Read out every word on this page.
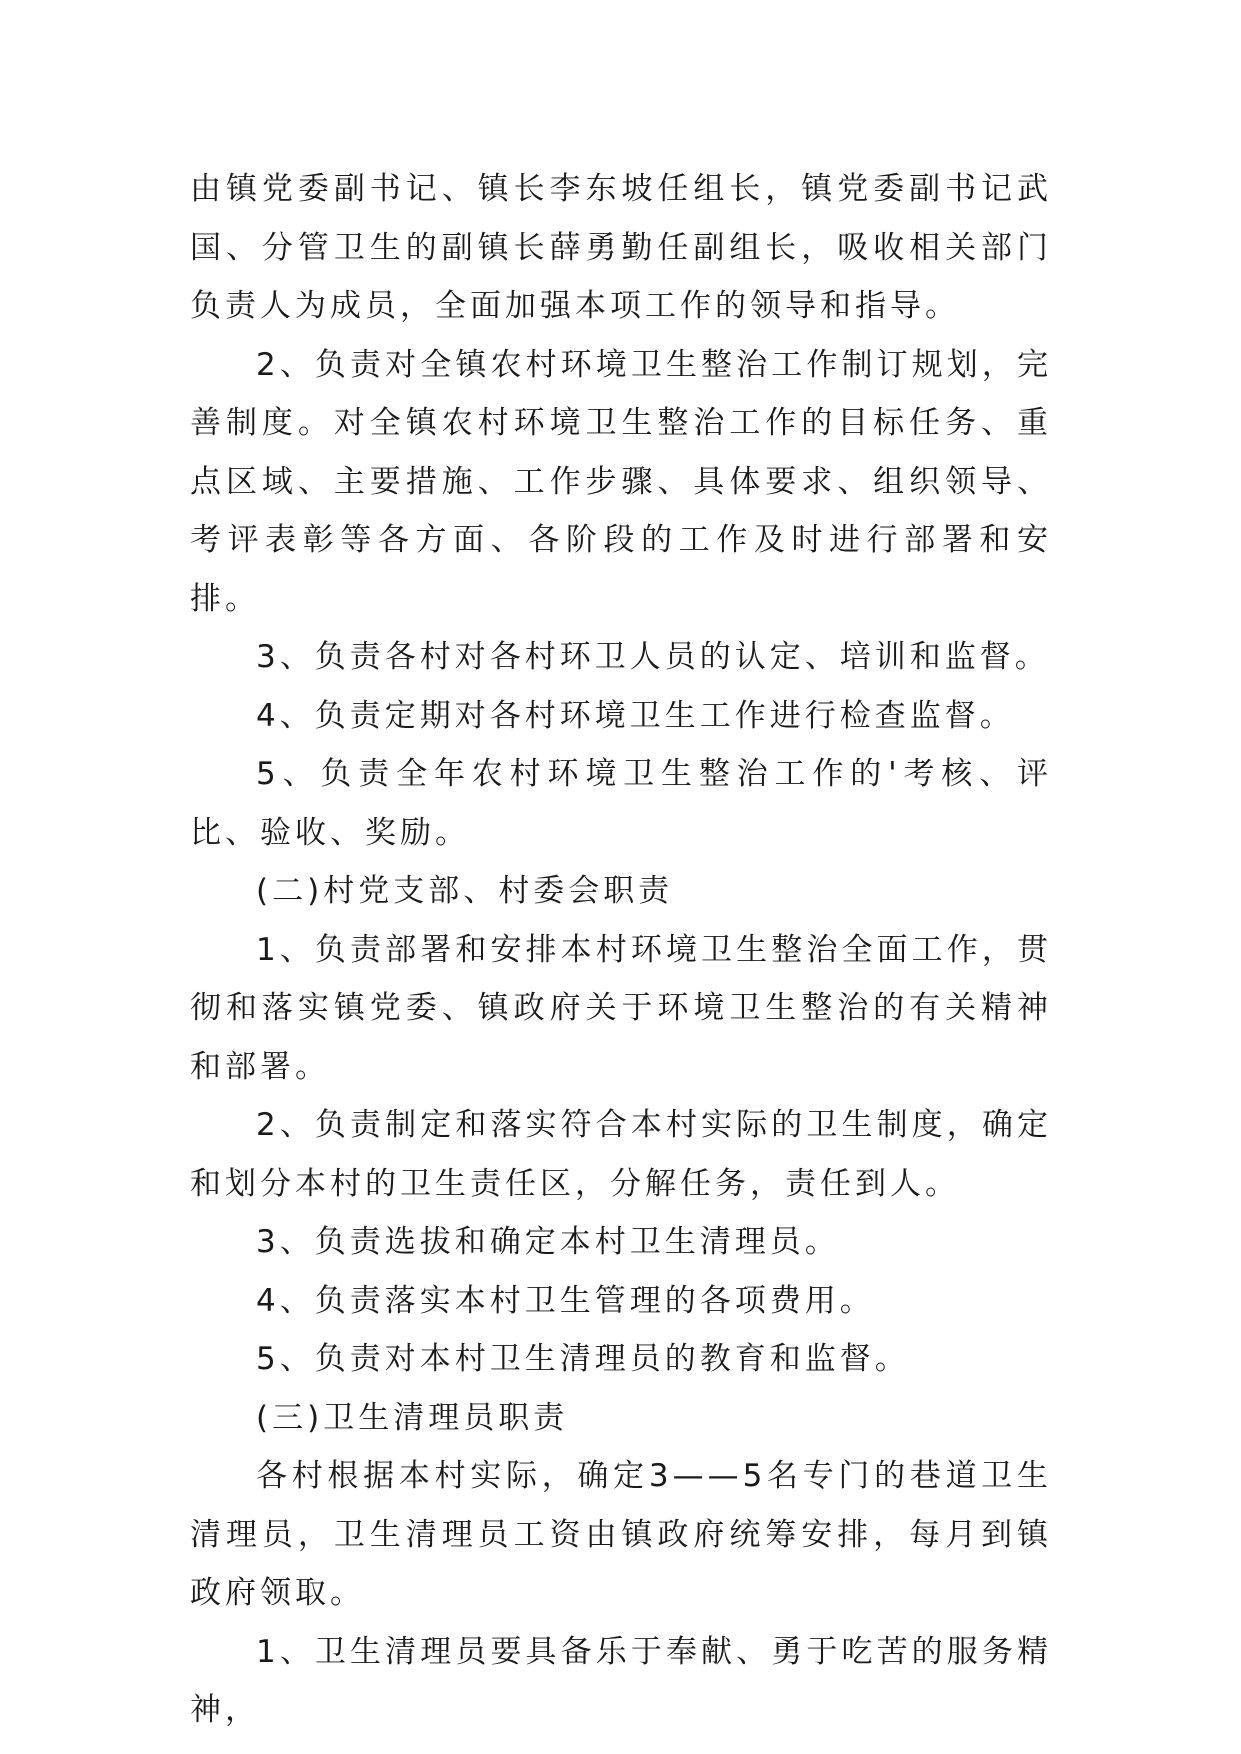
由镇党委副书记、镇长李东坡任组长，镇党委副书记武国、分管卫生的副镇长薛勇勤任副组长，吸收相关部门负责人为成员，全面加强本项工作的领导和指导。

2、负责对全镇农村环境卫生整治工作制订规划，完善制度。对全镇农村环境卫生整治工作的目标任务、重点区域、主要措施、工作步骤、具体要求、组织领导、考评表彰等各方面、各阶段的工作及时进行部署和安排。

3、负责各村对各村环卫人员的认定、培训和监督。

4、负责定期对各村环境卫生工作进行检查监督。

5、负责全年农村环境卫生整治工作的'考核、评比、验收、奖励。

(二)村党支部、村委会职责

1、负责部署和安排本村环境卫生整治全面工作，贯彻和落实镇党委、镇政府关于环境卫生整治的有关精神和部署。

2、负责制定和落实符合本村实际的卫生制度，确定和划分本村的卫生责任区，分解任务，责任到人。

3、负责选拔和确定本村卫生清理员。

4、负责落实本村卫生管理的各项费用。

5、负责对本村卫生清理员的教育和监督。

(三)卫生清理员职责

各村根据本村实际，确定3——5名专门的巷道卫生清理员，卫生清理员工资由镇政府统筹安排，每月到镇政府领取。

1、卫生清理员要具备乐于奉献、勇于吃苦的服务精神，
